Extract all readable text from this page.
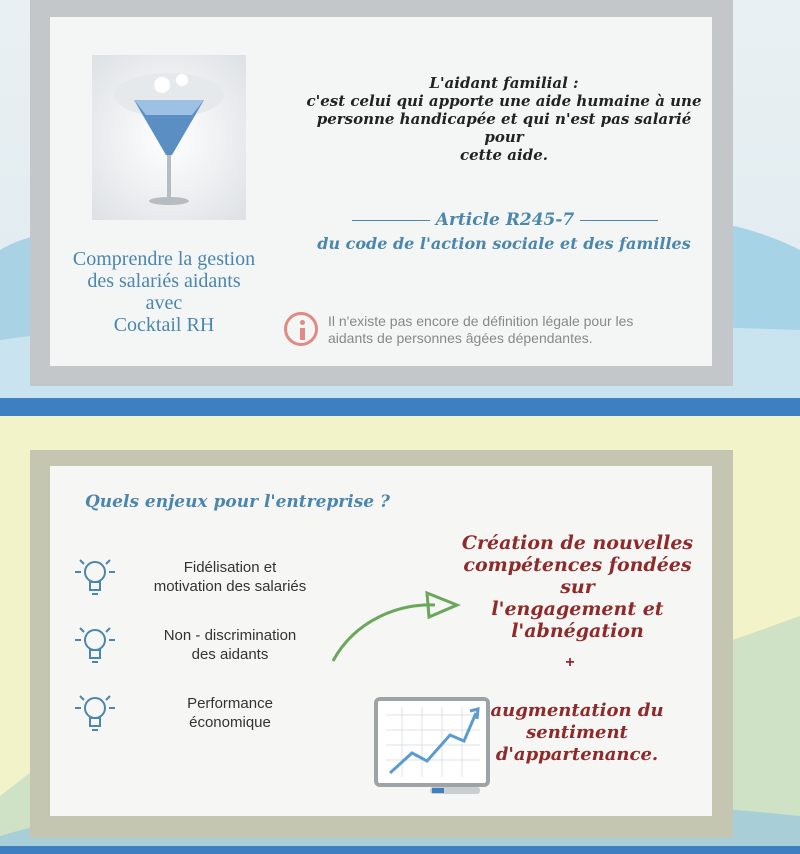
Comprendre la gestion
des salariés aidants
avec
Cocktail RH
L'aidant familial :
c'est celui qui apporte une aide humaine à une
personne handicapée et qui n'est pas salarié pour
cette aide.
Article R245-7
du code de l'action sociale et des familles
Il n'existe pas encore de définition légale pour les
aidants de personnes âgées dépendantes.
Quels enjeux pour l'entreprise ?
Fidélisation et
motivation des salariés
Non - discrimination
des aidants
Performance
économique
Création de nouvelles
compétences fondées sur
l'engagement et
l'abnégation
+
augmentation du
sentiment
d'appartenance.
